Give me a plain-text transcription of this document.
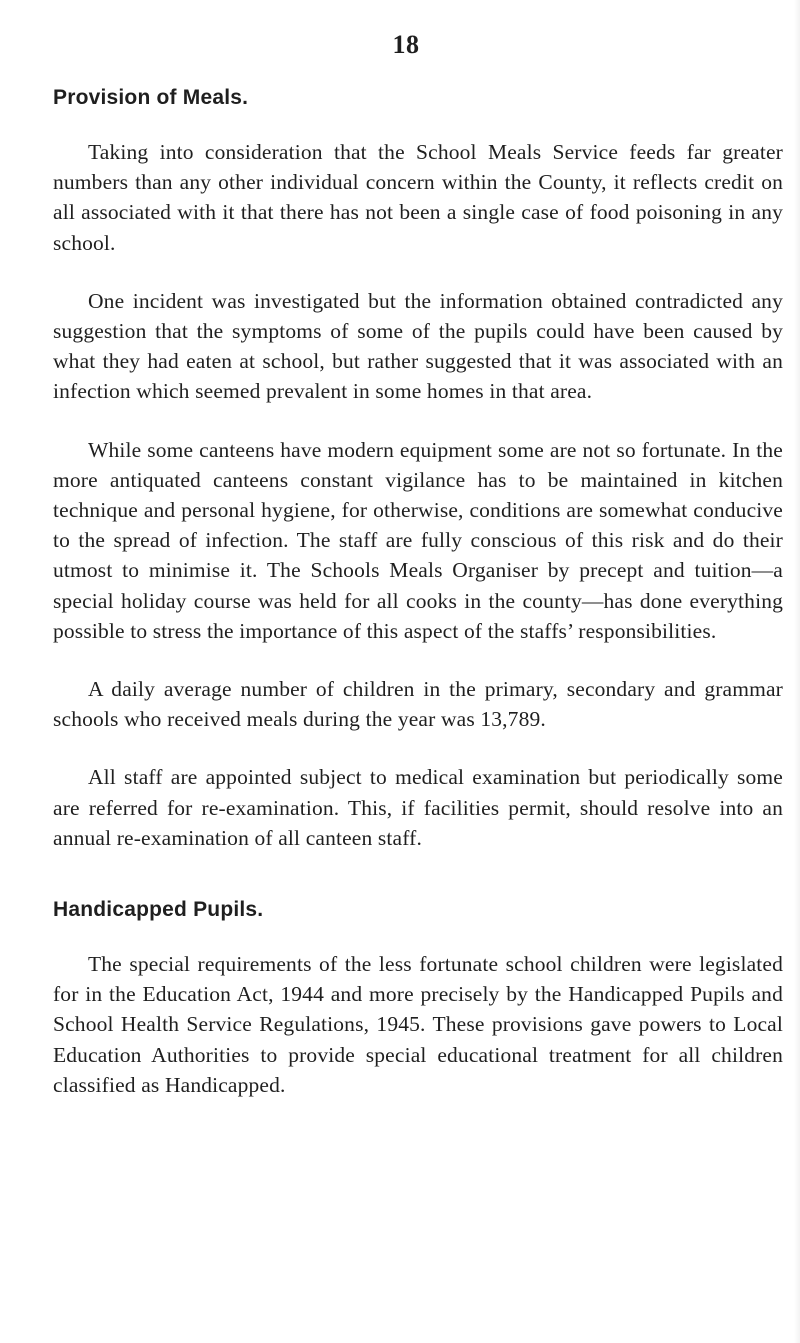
18
Provision of Meals.

Taking into consideration that the School Meals Service feeds far greater numbers than any other individual concern within the County, it reflects credit on all associated with it that there has not been a single case of food poisoning in any school.

One incident was investigated but the information obtained contradicted any suggestion that the symptoms of some of the pupils could have been caused by what they had eaten at school, but rather suggested that it was associated with an infection which seemed prevalent in some homes in that area.

While some canteens have modern equipment some are not so fortunate. In the more antiquated canteens constant vigilance has to be maintained in kitchen technique and personal hygiene, for otherwise, conditions are somewhat conducive to the spread of infection. The staff are fully conscious of this risk and do their utmost to minimise it. The Schools Meals Organiser by precept and tuition—a special holiday course was held for all cooks in the county—has done everything possible to stress the importance of this aspect of the staffs’ responsibilities.

A daily average number of children in the primary, secondary and grammar schools who received meals during the year was 13,789.

All staff are appointed subject to medical examination but periodically some are referred for re-examination. This, if facilities permit, should resolve into an annual re-examination of all canteen staff.

Handicapped Pupils.

The special requirements of the less fortunate school children were legislated for in the Education Act, 1944 and more precisely by the Handicapped Pupils and School Health Service Regulations, 1945. These provisions gave powers to Local Education Authorities to provide special educational treatment for all children classified as Handicapped.
